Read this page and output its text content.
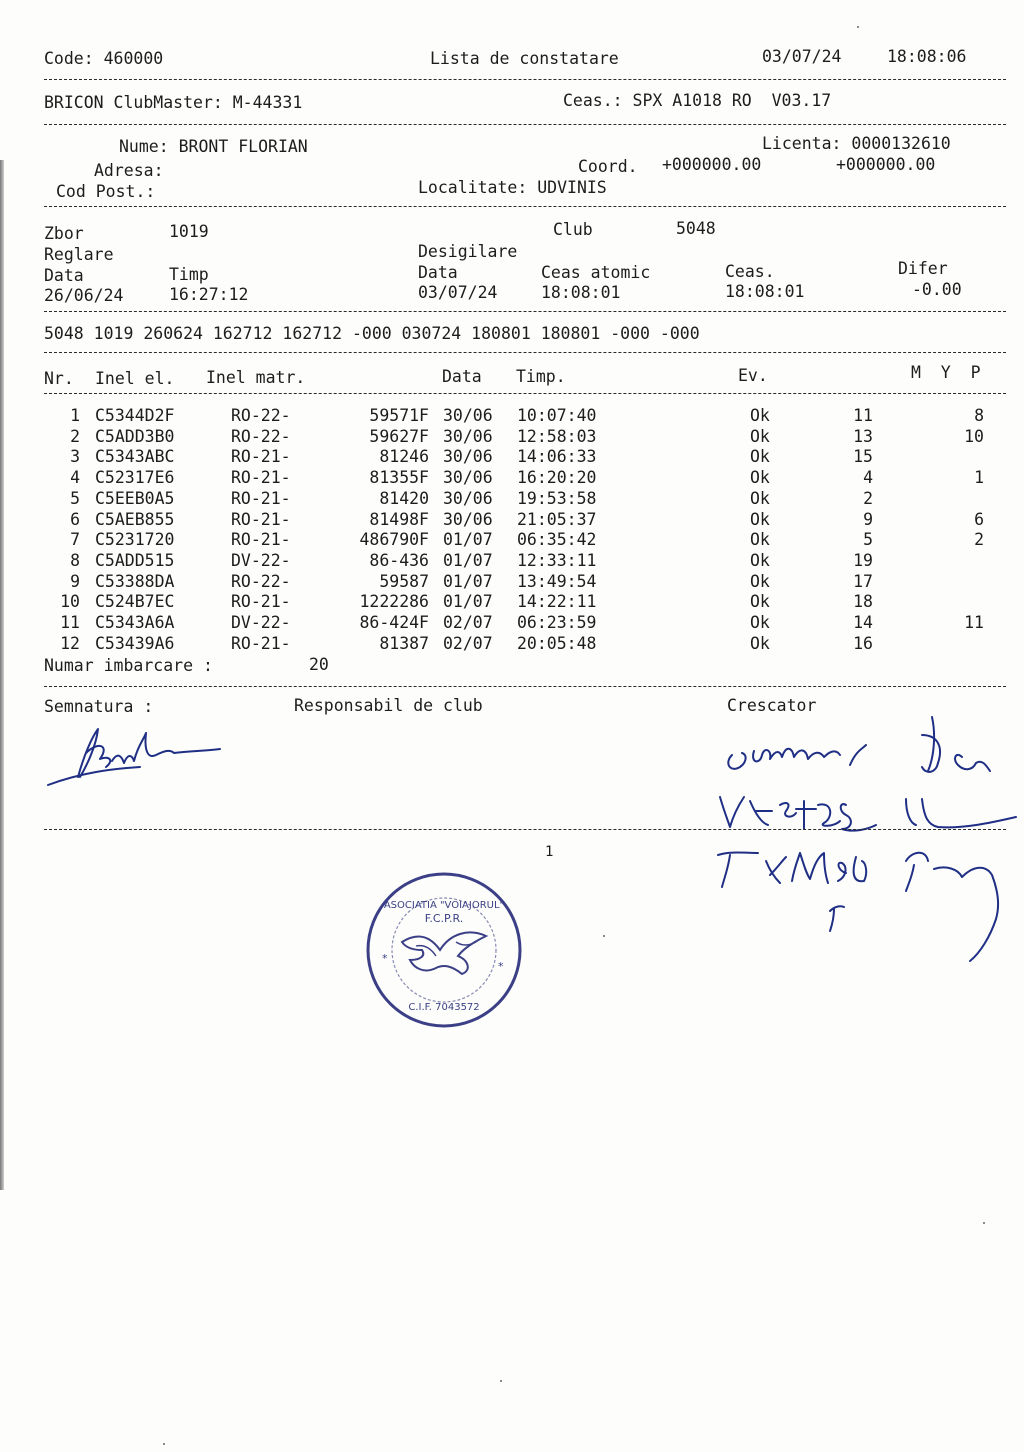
Code: 460000	Lista de constatare	03/07/24	18:08:06
BRICON ClubMaster: M-44331	Ceas.: SPX A1018 RO  V03.17
Nume: BRONT FLORIAN	Licenta: 0000132610
Adresa:	Coord. +000000.00	+000000.00
Cod Post.:	Localitate: UDVINIS
Zbor	1019	Club	5048
Reglare	Desigilare
Data	Timp	Data	Ceas atomic	Ceas.	Difer
26/06/24	16:27:12	03/07/24	18:08:01	18:08:01	-0.00
5048 1019 260624 162712 162712 -000 030724 180801 180801 -000 -000
Nr. Inel el. Inel matr.	Data Timp.	Ev.	M  Y  P
1 C5344D2F	RO-22-	59571F 30/06 10:07:40	Ok	11	8
2 C5ADD3B0	RO-22-	59627F 30/06 12:58:03	Ok	13	10
3 C5343ABC	RO-21-	81246 30/06 14:06:33	Ok	15
4 C52317E6	RO-21-	81355F 30/06 16:20:20	Ok	4	1
5 C5EEB0A5	RO-21-	81420 30/06 19:53:58	Ok	2
6 C5AEB855	RO-21-	81498F 30/06 21:05:37	Ok	9	6
7 C5231720	RO-21-	486790F 01/07 06:35:42	Ok	5	2
8 C5ADD515	DV-22-	86-436 01/07 12:33:11	Ok	19
9 C53388DA	RO-22-	59587 01/07 13:49:54	Ok	17
10 C524B7EC	RO-21-	1222286 01/07 14:22:11	Ok	18
11 C5343A6A	DV-22-	86-424F 02/07 06:23:59	Ok	14	11
12 C53439A6	RO-21-	81387 02/07 20:05:48	Ok	16
Numar imbarcare :	20
Semnatura :	Responsabil de club	Crescator
1
ASOCIATIA "VOIAJORUL"
F.C.P.R.
C.I.F. 7043572
*
*
